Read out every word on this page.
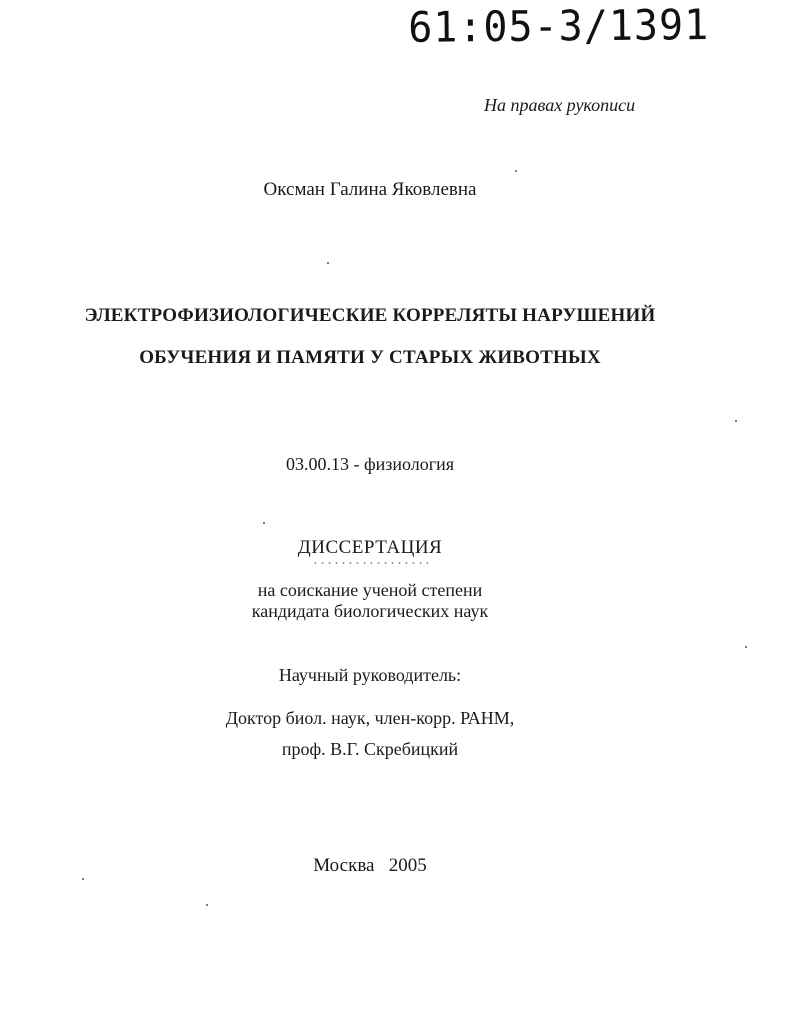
61:05-3/1391
На правах рукописи
Оксман Галина Яковлевна
ЭЛЕКТРОФИЗИОЛОГИЧЕСКИЕ КОРРЕЛЯТЫ НАРУШЕНИЙ
ОБУЧЕНИЯ И ПАМЯТИ У СТАРЫХ ЖИВОТНЫХ
03.00.13 - физиология
ДИССЕРТАЦИЯ
на соискание ученой степени
кандидата биологических наук
Научный руководитель:
Доктор биол. наук, член-корр. РАНМ,
проф. В.Г. Скребицкий
Москва   2005
